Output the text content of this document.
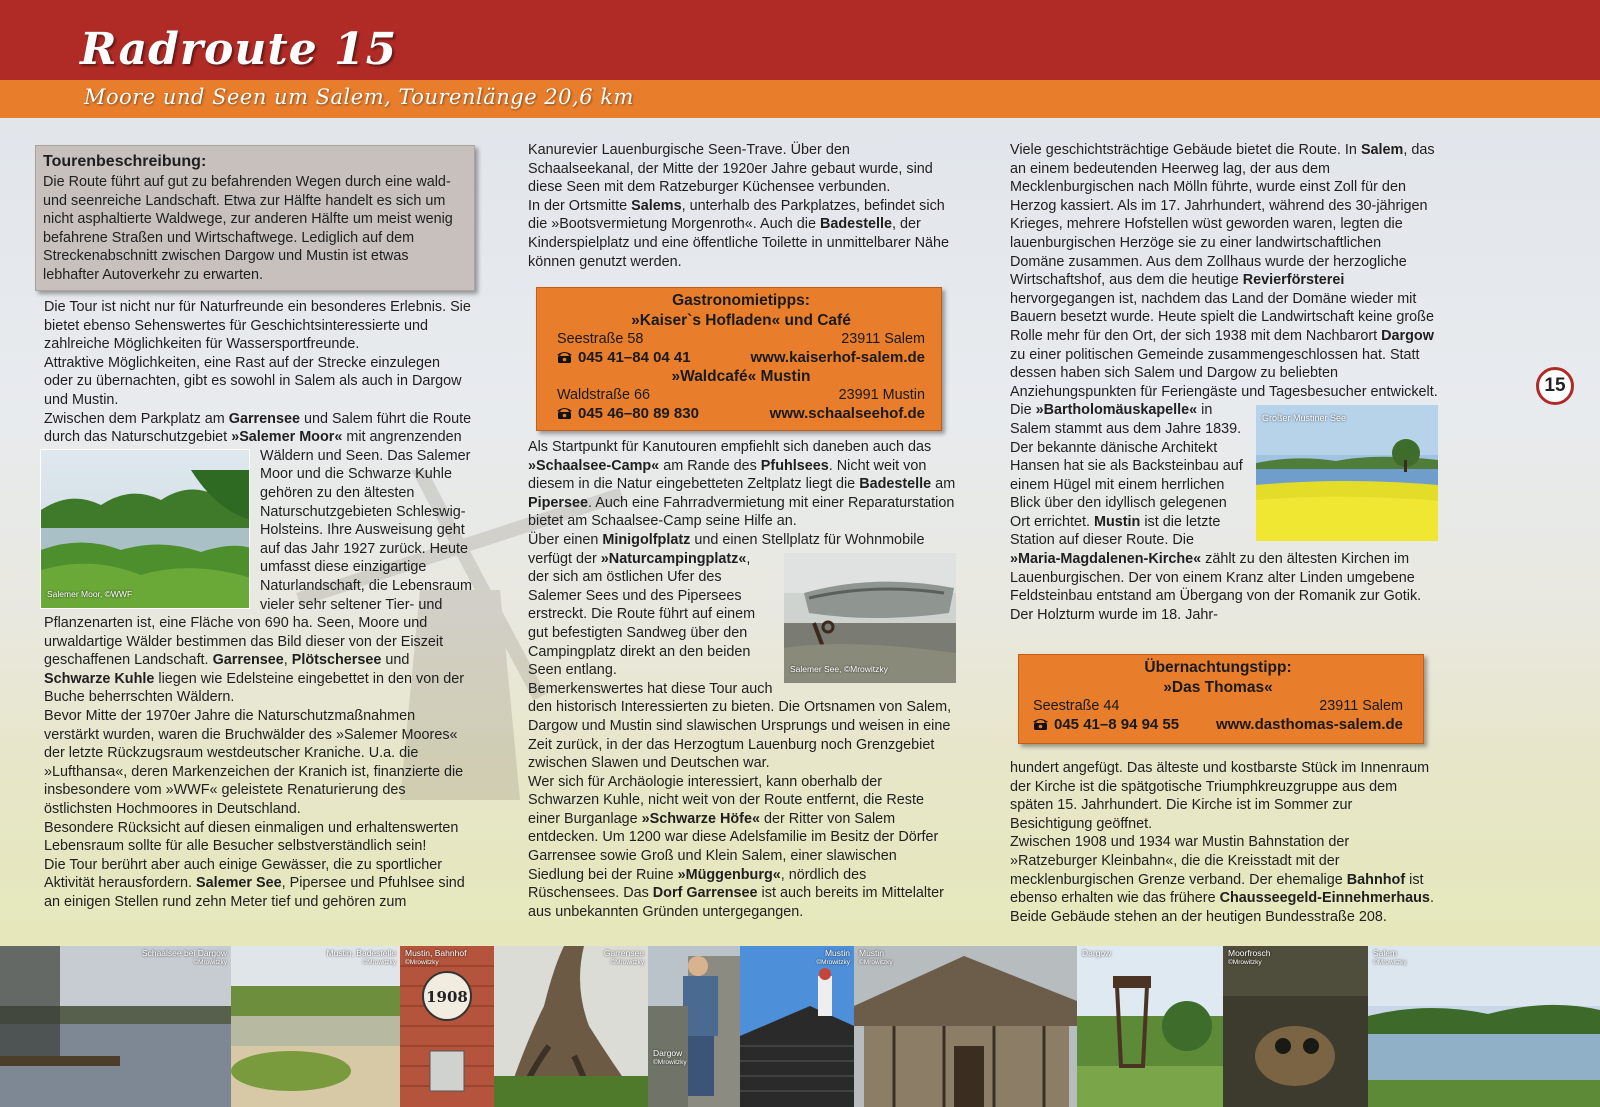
Radroute 15
Moore und Seen um Salem, Tourenlänge 20,6 km
Tourenbeschreibung:
Die Route führt auf gut zu befahrenden Wegen durch eine wald- und seenreiche Landschaft. Etwa zur Hälfte handelt es sich um nicht asphaltierte Waldwege, zur anderen Hälfte um meist wenig befahrene Straßen und Wirtschaftwege. Lediglich auf dem Streckenabschnitt zwischen Dargow und Mustin ist etwas lebhafter Autoverkehr zu erwarten.

Die Tour ist nicht nur für Naturfreunde ein besonderes Erlebnis. Sie bietet ebenso Sehenswertes für Geschichtsinteressierte und zahlreiche Möglichkeiten für Wassersportfreunde.

Attraktive Möglichkeiten, eine Rast auf der Strecke einzulegen oder zu übernachten, gibt es sowohl in Salem als auch in Dargow und Mustin.

Zwischen dem Parkplatz am Garrensee und Salem führt die Route durch das Naturschutzgebiet »Salemer Moor«
Salemer Moor, ©WWF
mit angrenzenden Wäldern und Seen. Das Salemer Moor und die Schwarze Kuhle gehören zu den ältesten Naturschutzgebieten Schleswig-Holsteins. Ihre Ausweisung geht auf das Jahr 1927 zurück. Heute umfasst diese einzigartige Naturlandschaft, die Lebensraum vieler sehr seltener Tier- und Pflanzenarten ist, eine Fläche von 690 ha. Seen, Moore und urwaldartige Wälder bestimmen das Bild dieser von der Eiszeit geschaffenen Landschaft. Garrensee, Plötschersee und Schwarze Kuhle liegen wie Edelsteine eingebettet in den von der Buche beherrschten Wäldern.

Bevor Mitte der 1970er Jahre die Naturschutzmaßnahmen verstärkt wurden, waren die Bruchwälder des »Salemer Moores« der letzte Rückzugsraum westdeutscher Kraniche. U.a. die »Lufthansa«, deren Markenzeichen der Kranich ist, finanzierte die insbesondere vom »WWF« geleistete Renaturierung des östlichsten Hochmoores in Deutschland.

Besondere Rücksicht auf diesen einmaligen und erhaltenswerten Lebensraum sollte für alle Besucher selbstverständlich sein!

Die Tour berührt aber auch einige Gewässer, die zu sportlicher Aktivität herausfordern. Salemer See, Pipersee und Pfuhlsee sind an einigen Stellen rund zehn Meter tief und gehören zum

Kanurevier Lauenburgische Seen-Trave. Über den Schaalseekanal, der Mitte der 1920er Jahre gebaut wurde, sind diese Seen mit dem Ratzeburger Küchensee verbunden.

In der Ortsmitte Salems, unterhalb des Parkplatzes, befindet sich die »Bootsvermietung Morgenroth«. Auch die Badestelle, der Kinderspielplatz und eine öffentliche Toilette in unmittelbarer Nähe können genutzt werden.

Gastronomietipps:
»Kaiser`s Hofladen« und Café
Seestraße 58	23911 Salem
045 41–84 04 41	www.kaiserhof-salem.de
»Waldcafé« Mustin
Waldstraße 66	23991 Mustin
045 46–80 89 830	www.schaalseehof.de

Als Startpunkt für Kanutouren empfiehlt sich daneben auch das »Schaalsee-Camp« am Rande des Pfuhlsees. Nicht weit von diesem in die Natur eingebetteten Zeltplatz liegt die Badestelle am Pipersee. Auch eine Fahrradvermietung mit einer Reparaturstation bietet am Schaalsee-Camp seine Hilfe an.

Über einen Minigolfplatz und einen Stellplatz für Wohnmobile verfügt der »Naturcampingplatz«
Salemer See, ©Mrowitzky
, der sich am östlichen Ufer des Salemer Sees und des Pipersees erstreckt. Die Route führt auf einem gut befestigten Sandweg über den Campingplatz direkt an den beiden Seen entlang.

Bemerkenswertes hat diese Tour auch den historisch Interessierten zu bieten. Die Ortsnamen von Salem, Dargow und Mustin sind slawischen Ursprungs und weisen in eine Zeit zurück, in der das Herzogtum Lauenburg noch Grenzgebiet zwischen Slawen und Deutschen war.

Wer sich für Archäologie interessiert, kann oberhalb der Schwarzen Kuhle, nicht weit von der Route entfernt, die Reste einer Burganlage »Schwarze Höfe« der Ritter von Salem entdecken. Um 1200 war diese Adelsfamilie im Besitz der Dörfer Garrensee sowie Groß und Klein Salem, einer slawischen Siedlung bei der Ruine »Müggenburg«, nördlich des Rüschensees. Das Dorf Garrensee ist auch bereits im Mittelalter aus unbekannten Gründen untergegangen.

Viele geschichtsträchtige Gebäude bietet die Route. In Salem, das an einem bedeutenden Heerweg lag, der aus dem Mecklenburgischen nach Mölln führte, wurde einst Zoll für den Herzog kassiert. Als im 17. Jahrhundert, während des 30-jährigen Krieges, mehrere Hofstellen wüst geworden waren, legten die lauenburgischen Herzöge sie zu einer landwirtschaftlichen Domäne zusammen. Aus dem Zollhaus wurde der herzogliche Wirtschaftshof, aus dem die heutige Revierförsterei hervorgegangen ist, nachdem das Land der Domäne wieder mit Bauern besetzt wurde. Heute spielt die Landwirtschaft keine große Rolle mehr für den Ort, der sich 1938 mit dem Nachbarort Dargow zu einer politischen Gemeinde zusammengeschlossen hat. Statt dessen haben sich Salem und Dargow zu beliebten Anziehungspunkten für Feriengäste und Tagesbesucher entwickelt.

Großer Mustiner See
Die »Bartholomäuskapelle« in Salem stammt aus dem Jahre 1839. Der bekannte dänische Architekt Hansen hat sie als Backsteinbau auf einem Hügel mit einem herrlichen Blick über den idyllisch gelegenen Ort errichtet. Mustin ist die letzte Station auf dieser Route. Die »Maria-Magdalenen-Kirche« zählt zu den ältesten Kirchen im Lauenburgischen. Der von einem Kranz alter Linden umgebene Feldsteinbau entstand am Übergang von der Romanik zur Gotik. Der Holzturm wurde im 18. Jahr-

Übernachtungstipp:
»Das Thomas«
Seestraße 44	23911 Salem
045 41–8 94 94 55 www.dasthomas-salem.de

hundert angefügt. Das älteste und kostbarste Stück im Innenraum der Kirche ist die spätgotische Triumphkreuzgruppe aus dem späten 15. Jahrhundert. Die Kirche ist im Sommer zur Besichtigung geöffnet.

Zwischen 1908 und 1934 war Mustin Bahnstation der »Ratzeburger Kleinbahn«, die die Kreisstadt mit der mecklenburgischen Grenze verband. Der ehemalige Bahnhof ist ebenso erhalten wie das frühere Chausseegeld-Einnehmerhaus. Beide Gebäude stehen an der heutigen Bundesstraße 208.

15
Schaalsee bei Dargow
©Mrowitzky
Mustin, Badestelle
©Mrowitzky
1908
Mustin, Bahnhof
©Mrowitzky
Garrensee
©Mrowitzky
Dargow
©Mrowitzky
Mustin
©Mrowitzky
Mustin
©Mrowitzky
Dargow	Moorfrosch
©Mrowitzky
Salem
©Mrowitzky
